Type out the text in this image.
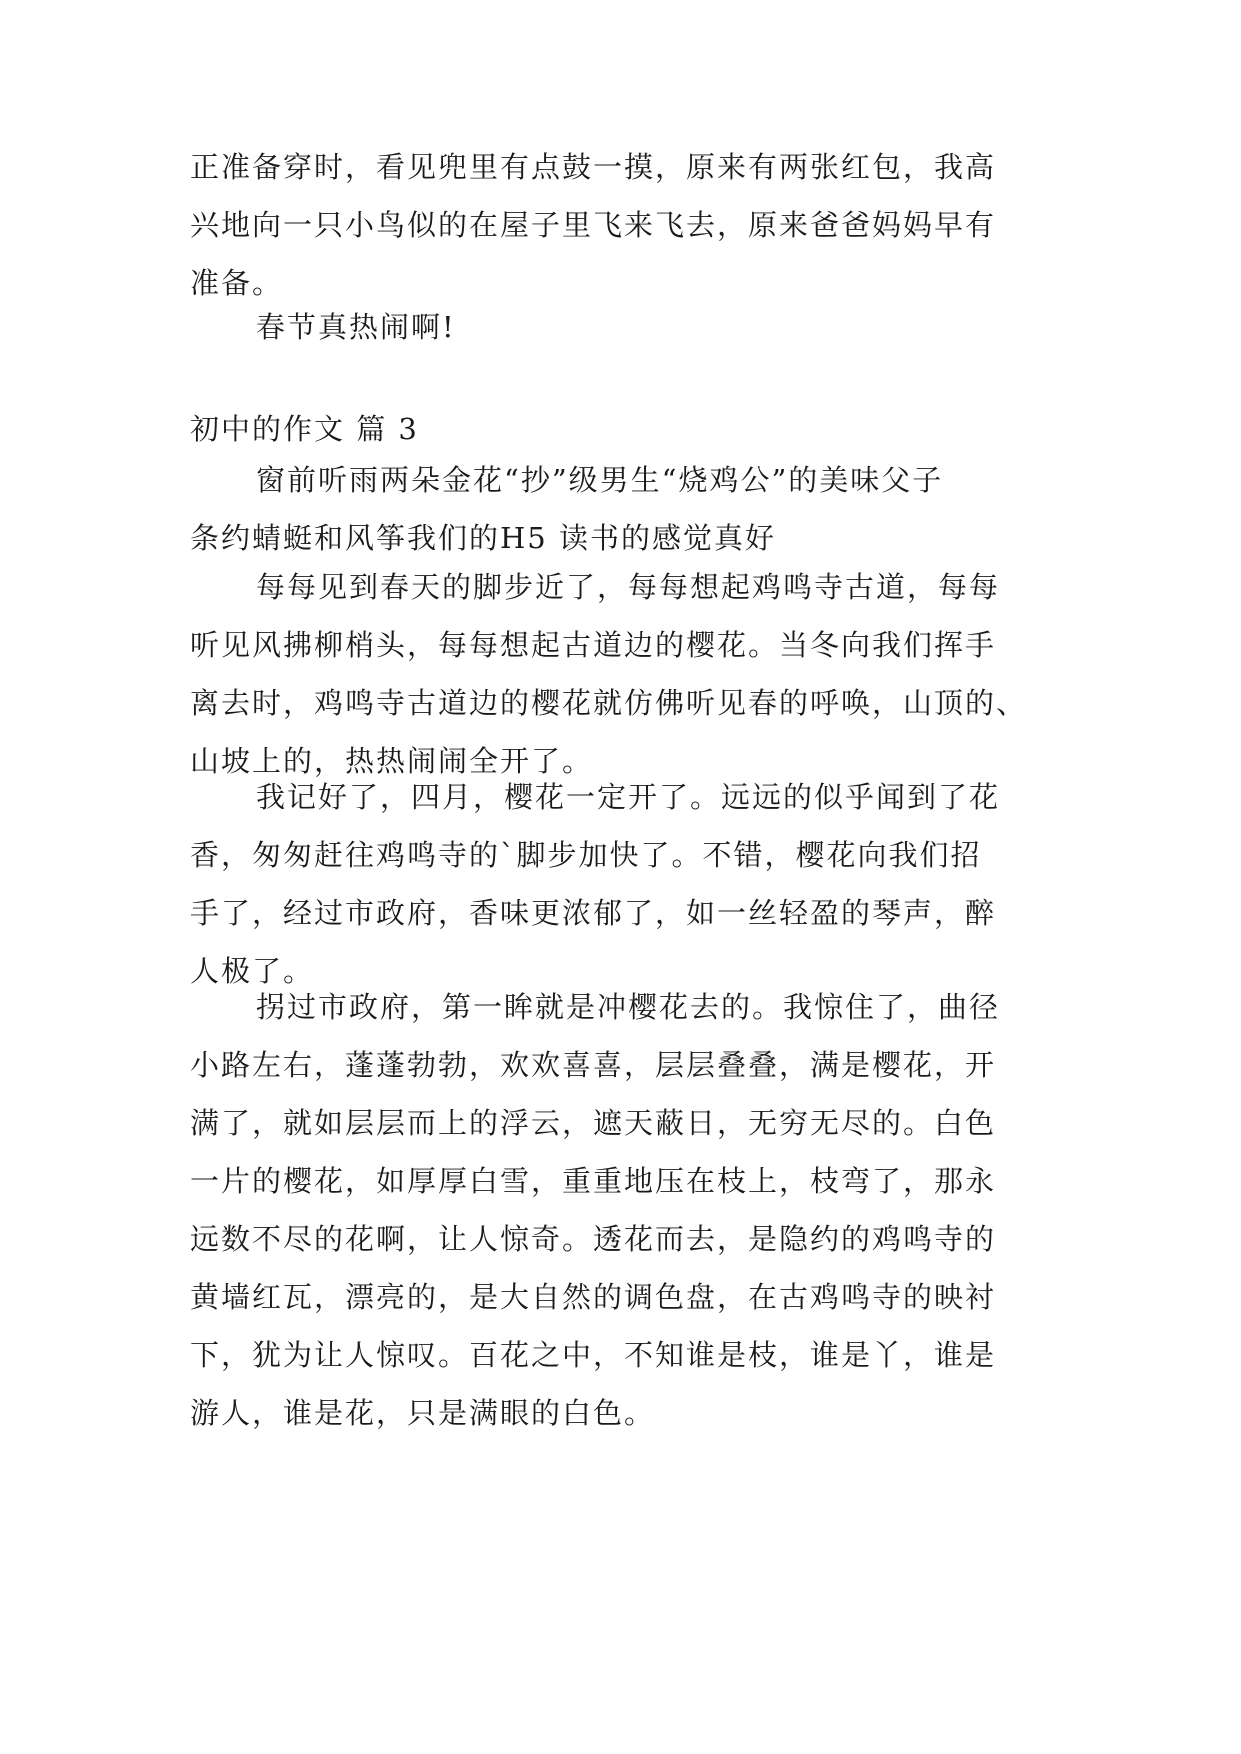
正准备穿时，看见兜里有点鼓一摸，原来有两张红包，我高
兴地向一只小鸟似的在屋子里飞来飞去，原来爸爸妈妈早有
准备。
春节真热闹啊!
初中的作文 篇 3
窗前听雨两朵金花“抄”级男生“烧鸡公”的美味父子
条约蜻蜓和风筝我们的H5 读书的感觉真好
每每见到春天的脚步近了，每每想起鸡鸣寺古道，每每
听见风拂柳梢头，每每想起古道边的樱花。当冬向我们挥手
离去时，鸡鸣寺古道边的樱花就仿佛听见春的呼唤，山顶的、
山坡上的，热热闹闹全开了。
我记好了，四月，樱花一定开了。远远的似乎闻到了花
香，匆匆赶往鸡鸣寺的`脚步加快了。不错，樱花向我们招
手了，经过市政府，香味更浓郁了，如一丝轻盈的琴声，醉
人极了。
拐过市政府，第一眸就是冲樱花去的。我惊住了，曲径
小路左右，蓬蓬勃勃，欢欢喜喜，层层叠叠，满是樱花，开
满了，就如层层而上的浮云，遮天蔽日，无穷无尽的。白色
一片的樱花，如厚厚白雪，重重地压在枝上，枝弯了，那永
远数不尽的花啊，让人惊奇。透花而去，是隐约的鸡鸣寺的
黄墙红瓦，漂亮的，是大自然的调色盘，在古鸡鸣寺的映衬
下，犹为让人惊叹。百花之中，不知谁是枝，谁是丫，谁是
游人，谁是花，只是满眼的白色。
